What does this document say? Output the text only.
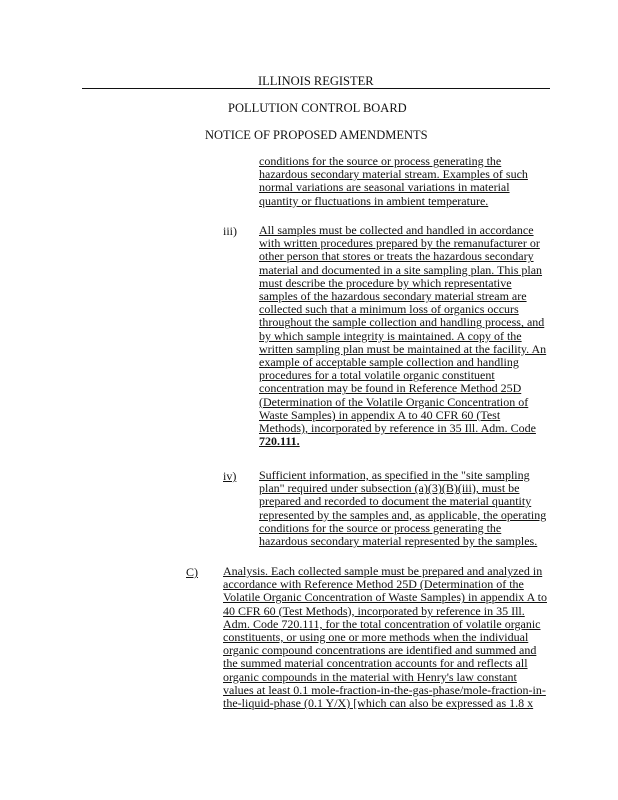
ILLINOIS REGISTER
POLLUTION CONTROL BOARD
NOTICE OF PROPOSED AMENDMENTS

conditions for the source or process generating the hazardous secondary material stream. Examples of such normal variations are seasonal variations in material quantity or fluctuations in ambient temperature.

iii) All samples must be collected and handled in accordance with written procedures prepared by the remanufacturer or other person that stores or treats the hazardous secondary material and documented in a site sampling plan. This plan must describe the procedure by which representative samples of the hazardous secondary material stream are collected such that a minimum loss of organics occurs throughout the sample collection and handling process, and by which sample integrity is maintained. A copy of the written sampling plan must be maintained at the facility. An example of acceptable sample collection and handling procedures for a total volatile organic constituent concentration may be found in Reference Method 25D (Determination of the Volatile Organic Concentration of Waste Samples) in appendix A to 40 CFR 60 (Test Methods), incorporated by reference in 35 Ill. Adm. Code 720.111.

iv) Sufficient information, as specified in the "site sampling plan" required under subsection (a)(3)(B)(iii), must be prepared and recorded to document the material quantity represented by the samples and, as applicable, the operating conditions for the source or process generating the hazardous secondary material represented by the samples.

C) Analysis. Each collected sample must be prepared and analyzed in accordance with Reference Method 25D (Determination of the Volatile Organic Concentration of Waste Samples) in appendix A to 40 CFR 60 (Test Methods), incorporated by reference in 35 Ill. Adm. Code 720.111, for the total concentration of volatile organic constituents, or using one or more methods when the individual organic compound concentrations are identified and summed and the summed material concentration accounts for and reflects all organic compounds in the material with Henry's law constant values at least 0.1 mole-fraction-in-the-gas-phase/mole-fraction-in-the-liquid-phase (0.1 Y/X) [which can also be expressed as 1.8 x
